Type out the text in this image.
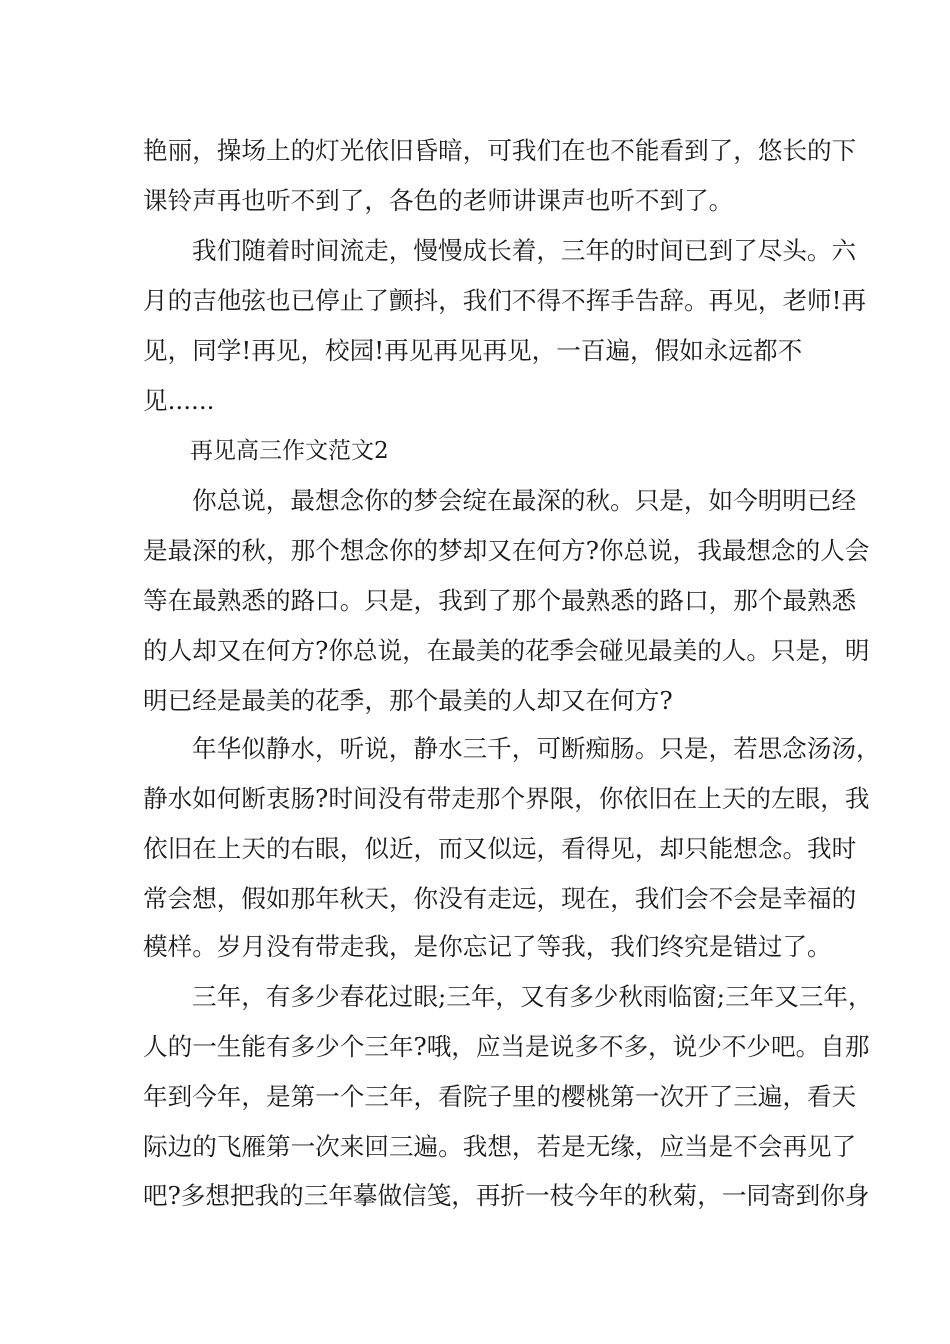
艳丽，操场上的灯光依旧昏暗，可我们在也不能看到了，悠长的下
课铃声再也听不到了，各色的老师讲课声也听不到了。
我们随着时间流走，慢慢成长着，三年的时间已到了尽头。六
月的吉他弦也已停止了颤抖，我们不得不挥手告辞。再见，老师!再
见，同学!再见，校园!再见再见再见，一百遍，假如永远都不
见......
再见高三作文范文2
你总说，最想念你的梦会绽在最深的秋。只是，如今明明已经
是最深的秋，那个想念你的梦却又在何方?你总说，我最想念的人会
等在最熟悉的路口。只是，我到了那个最熟悉的路口，那个最熟悉
的人却又在何方?你总说，在最美的花季会碰见最美的人。只是，明
明已经是最美的花季，那个最美的人却又在何方?
年华似静水，听说，静水三千，可断痴肠。只是，若思念汤汤，
静水如何断衷肠?时间没有带走那个界限，你依旧在上天的左眼，我
依旧在上天的右眼，似近，而又似远，看得见，却只能想念。我时
常会想，假如那年秋天，你没有走远，现在，我们会不会是幸福的
模样。岁月没有带走我，是你忘记了等我，我们终究是错过了。
三年，有多少春花过眼;三年，又有多少秋雨临窗;三年又三年，
人的一生能有多少个三年?哦，应当是说多不多，说少不少吧。自那
年到今年，是第一个三年，看院子里的樱桃第一次开了三遍，看天
际边的飞雁第一次来回三遍。我想，若是无缘，应当是不会再见了
吧?多想把我的三年摹做信笺，再折一枝今年的秋菊，一同寄到你身
